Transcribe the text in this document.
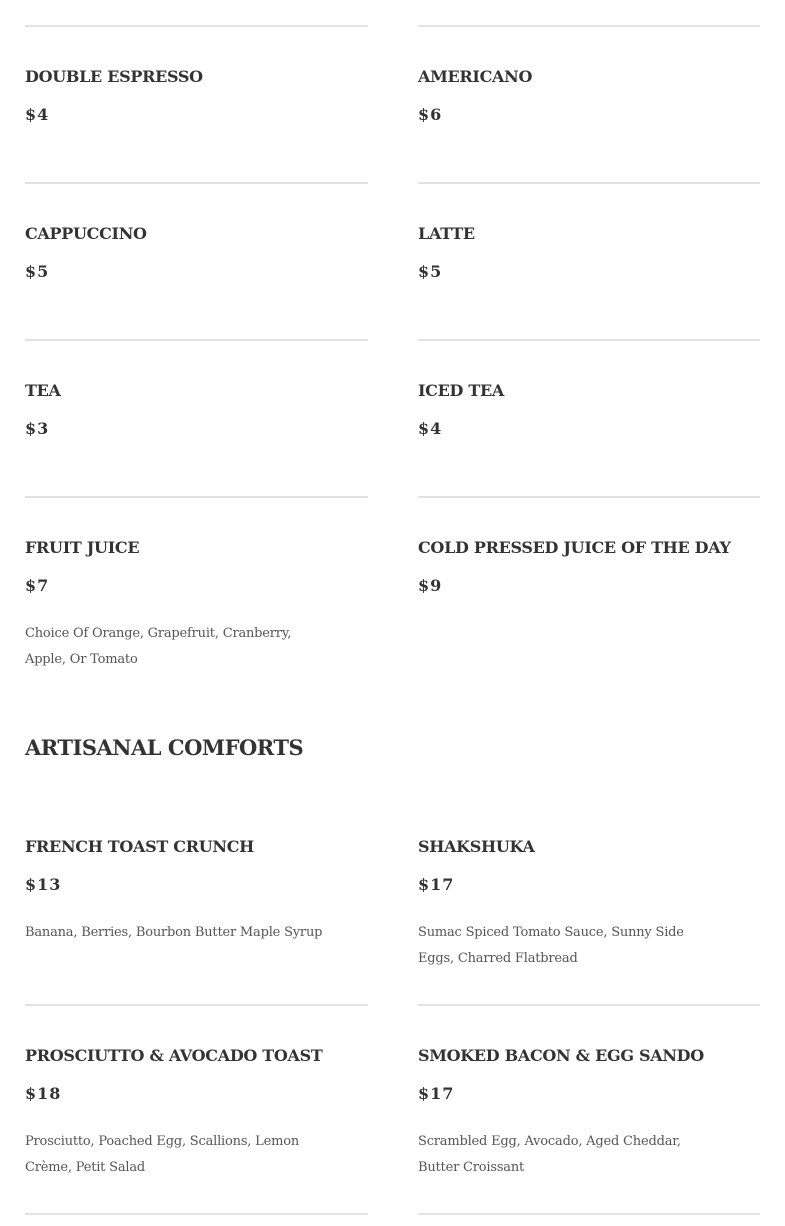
DOUBLE ESPRESSO
$4
AMERICANO
$6
CAPPUCCINO
$5
LATTE
$5
TEA
$3
ICED TEA
$4
FRUIT JUICE
$7
Choice Of Orange, Grapefruit, Cranberry, Apple, Or Tomato
COLD PRESSED JUICE OF THE DAY
$9
ARTISANAL COMFORTS
FRENCH TOAST CRUNCH
$13
Banana, Berries, Bourbon Butter Maple Syrup
SHAKSHUKA
$17
Sumac Spiced Tomato Sauce, Sunny Side Eggs, Charred Flatbread
PROSCIUTTO & AVOCADO TOAST
$18
Prosciutto, Poached Egg, Scallions, Lemon Crème, Petit Salad
SMOKED BACON & EGG SANDO
$17
Scrambled Egg, Avocado, Aged Cheddar, Butter Croissant
